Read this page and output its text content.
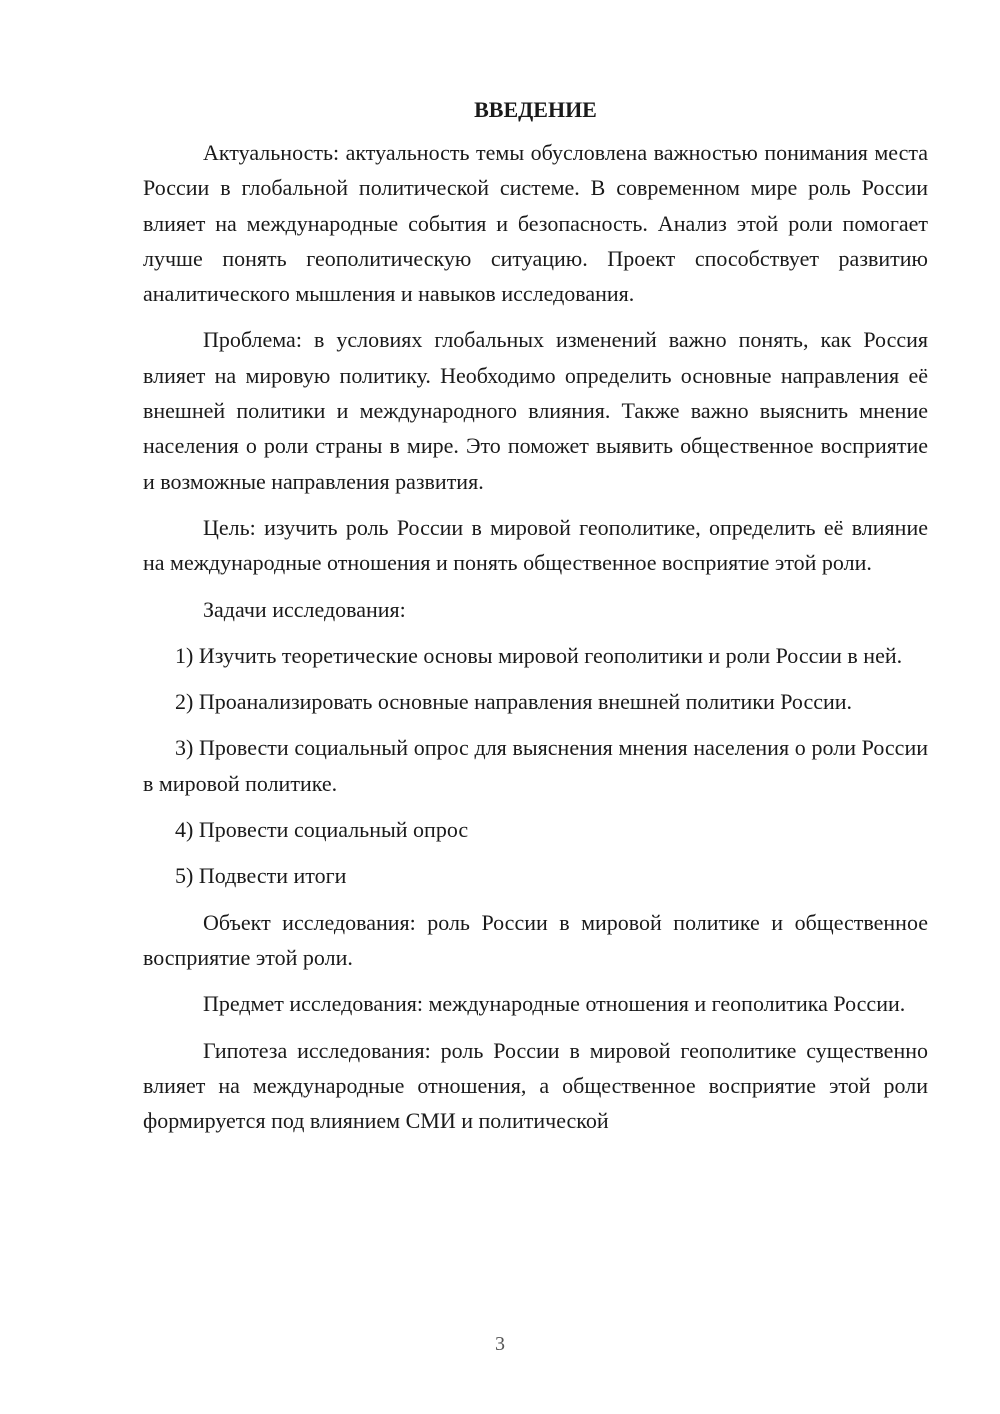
ВВЕДЕНИЕ

Актуальность: актуальность темы обусловлена важностью понимания места России в глобальной политической системе. В современном мире роль России влияет на международные события и безопасность. Анализ этой роли помогает лучше понять геополитическую ситуацию. Проект способствует развитию аналитического мышления и навыков исследования.

Проблема: в условиях глобальных изменений важно понять, как Россия влияет на мировую политику. Необходимо определить основные направления её внешней политики и международного влияния. Также важно выяснить мнение населения о роли страны в мире. Это поможет выявить общественное восприятие и возможные направления развития.

Цель: изучить роль России в мировой геополитике, определить её влияние на международные отношения и понять общественное восприятие этой роли.

Задачи исследования:

1) Изучить теоретические основы мировой геополитики и роли России в ней.

2) Проанализировать основные направления внешней политики России.

3) Провести социальный опрос для выяснения мнения населения о роли России в мировой политике.

4) Провести социальный опрос

5) Подвести итоги

Объект исследования: роль России в мировой политике и общественное восприятие этой роли.

Предмет исследования: международные отношения и геополитика России.

Гипотеза исследования: роль России в мировой геополитике существенно влияет на международные отношения, а общественное восприятие этой роли формируется под влиянием СМИ и политической

3
